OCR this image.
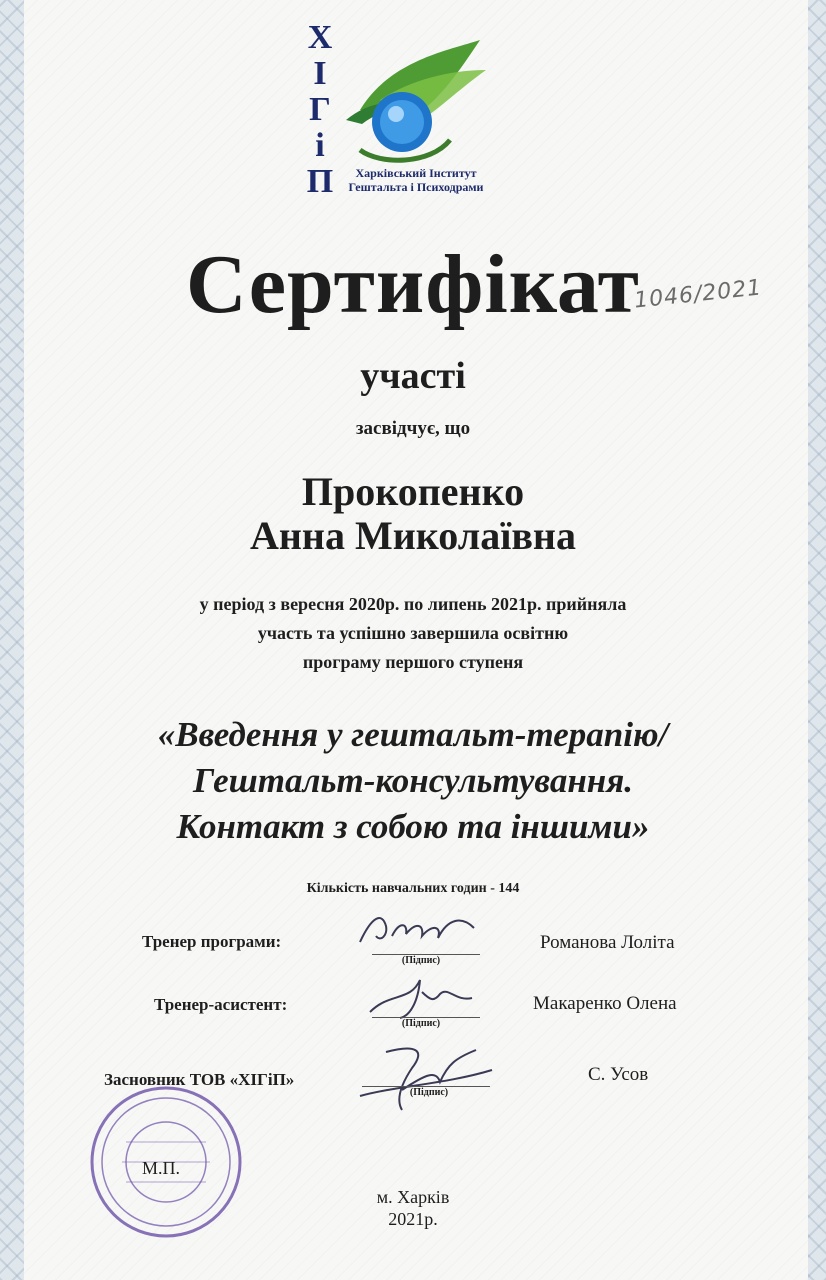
Х
І
Г
і
П	Харківський Інститут
Гештальта і Психодрами
Сертифікат
1046/2021
участі
засвідчує, що
Прокопенко
Анна Миколаївна
у період з вересня 2020р. по липень 2021р. прийняла
участь та успішно завершила освітню
програму першого ступеня
«Введення у гештальт-терапію/
Гештальт-консультування.
Контакт з собою та іншими»
Кількість навчальних годин - 144
Тренер програми:
(Підпис)
Романова Лоліта
Тренер-асистент:
(Підпис)
Макаренко Олена
Засновник ТОВ «ХІГіП»
(Підпис)
С. Усов
М.П.
м. Харків
2021р.
